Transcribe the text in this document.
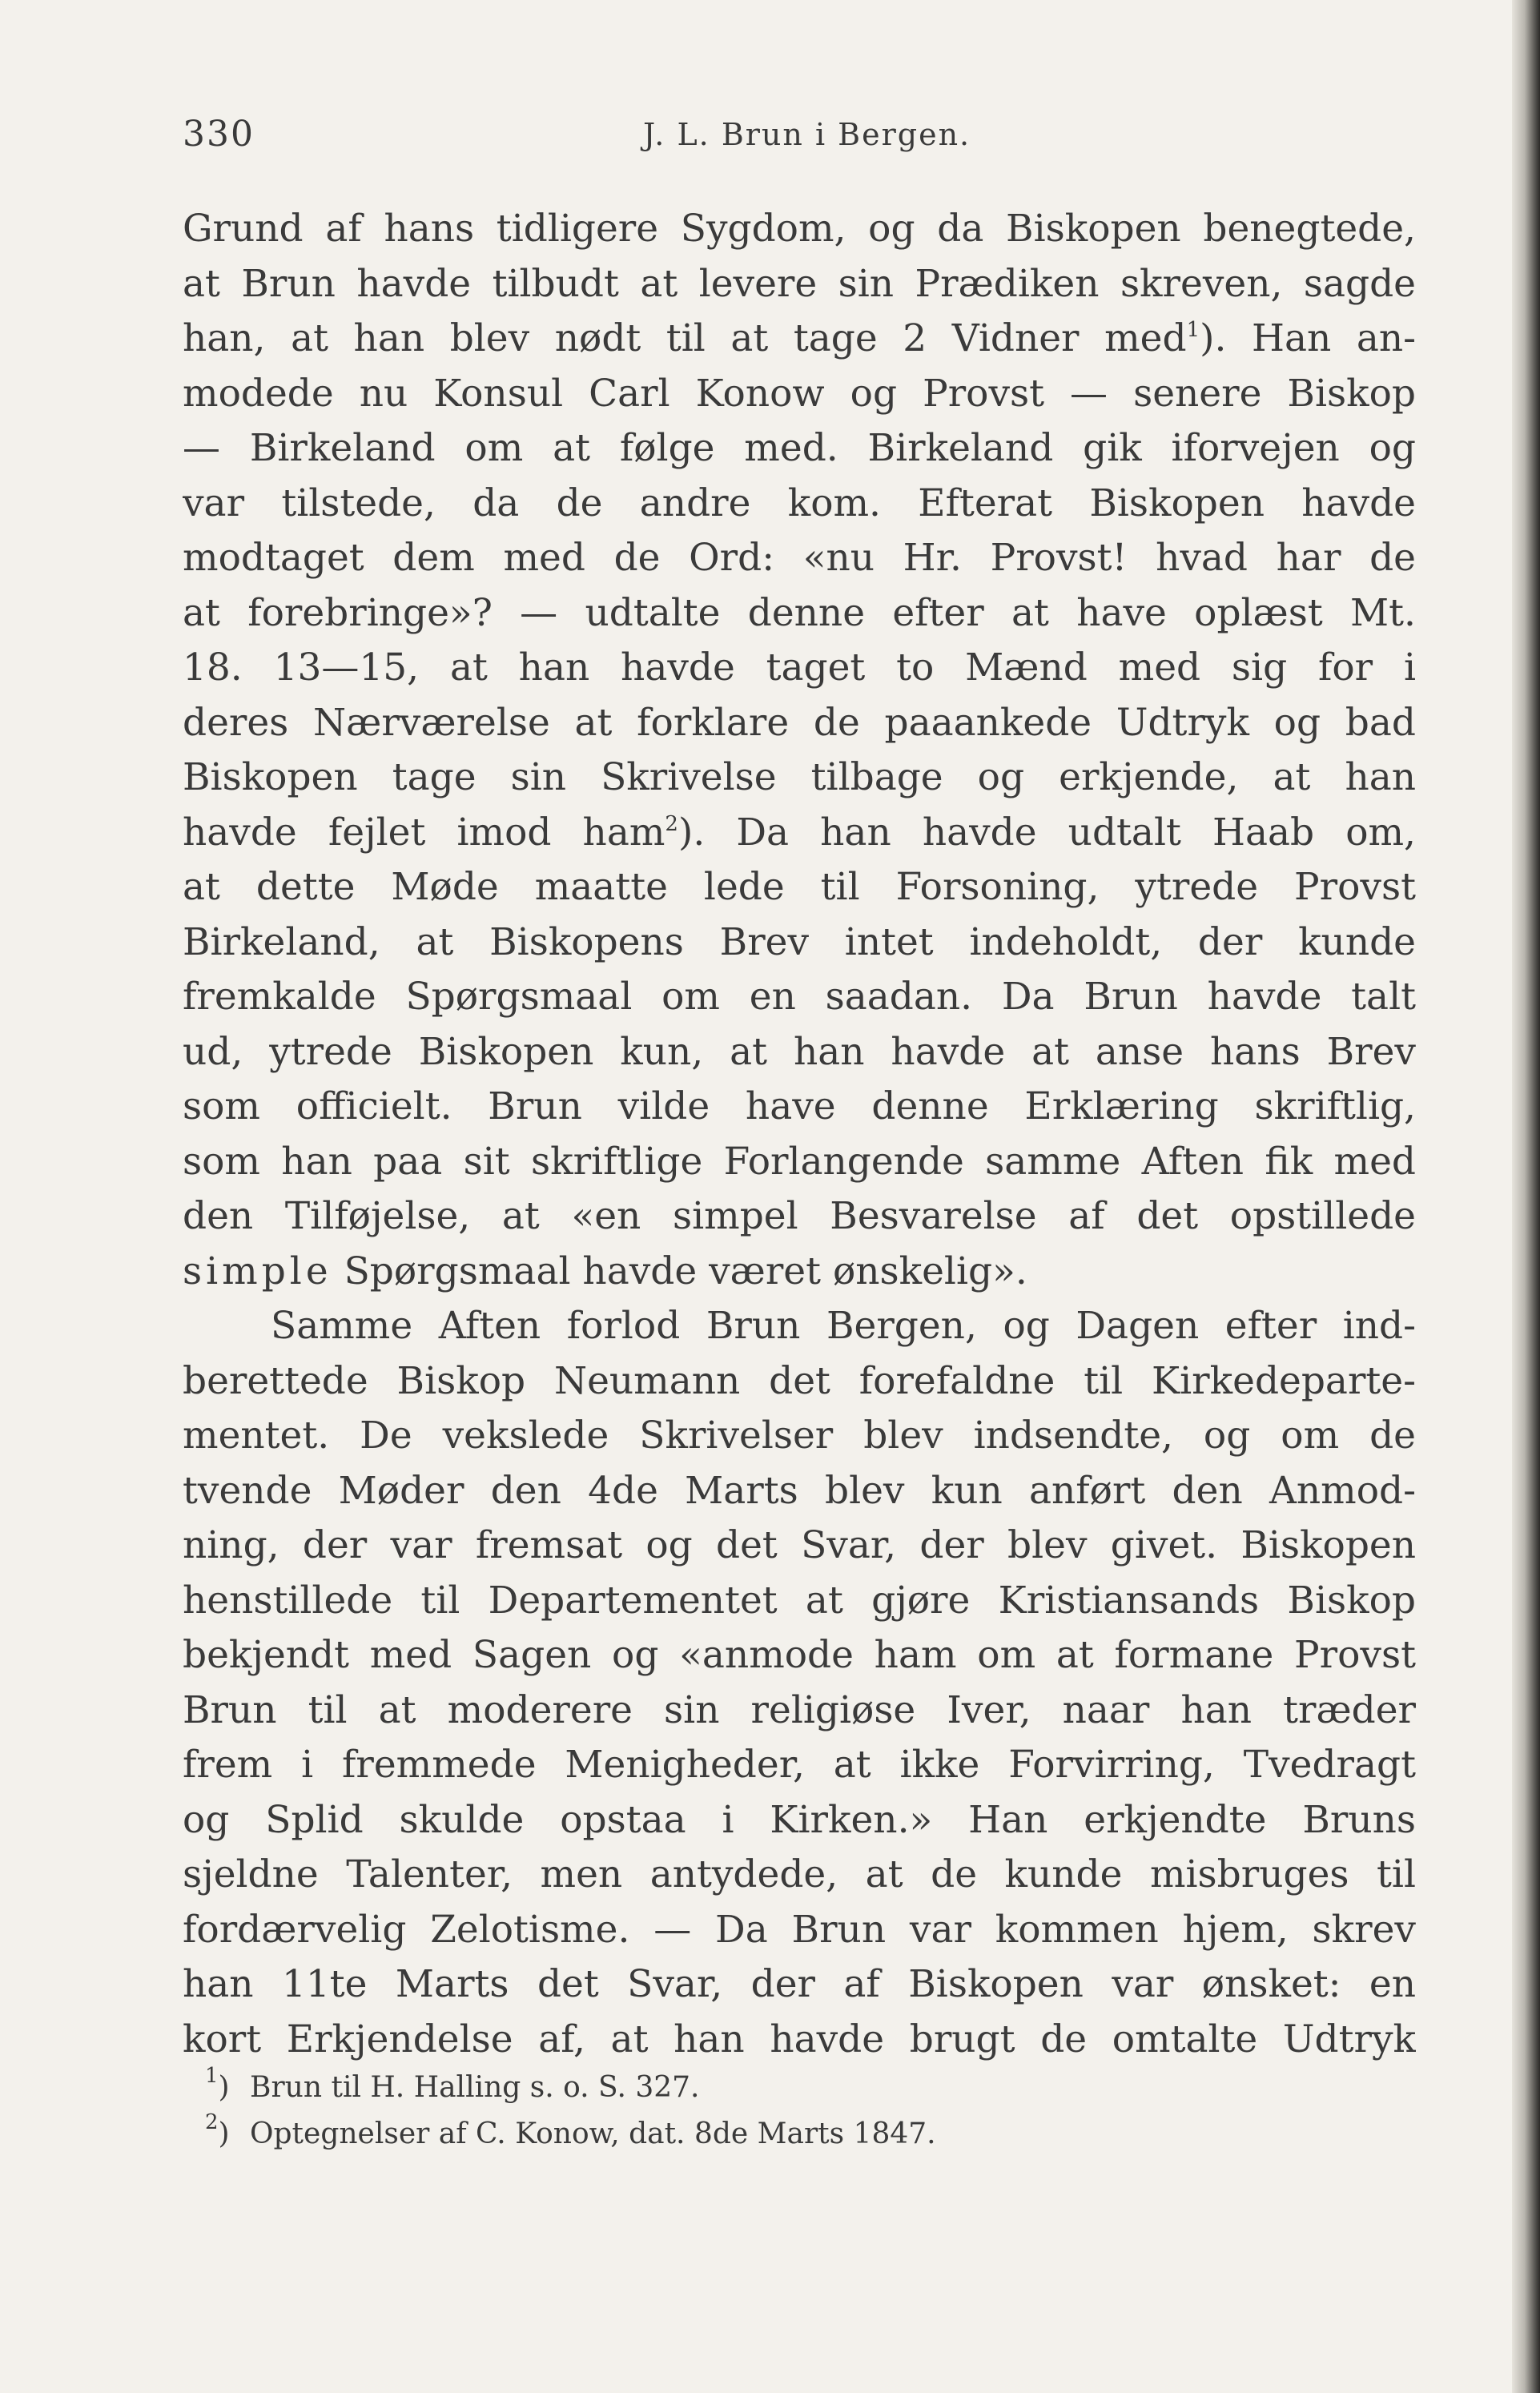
330	J. L. Brun i Bergen.
Grund af hans tidligere Sygdom, og da Biskopen benegtede,
at Brun havde tilbudt at levere sin Prædiken skreven, sagde
han, at han blev nødt til at tage 2 Vidner med$^1$). Han an-
modede nu Konsul Carl Konow og Provst — senere Biskop
— Birkeland om at følge med. Birkeland gik iforvejen og
var tilstede, da de andre kom. Efterat Biskopen havde
modtaget dem med de Ord: «nu Hr. Provst! hvad har de
at forebringe»? — udtalte denne efter at have oplæst Mt.
18. 13—15, at han havde taget to Mænd med sig for i
deres Nærværelse at forklare de paaankede Udtryk og bad
Biskopen tage sin Skrivelse tilbage og erkjende, at han
havde fejlet imod ham$^2$). Da han havde udtalt Haab om,
at dette Møde maatte lede til Forsoning, ytrede Provst
Birkeland, at Biskopens Brev intet indeholdt, der kunde
fremkalde Spørgsmaal om en saadan. Da Brun havde talt
ud, ytrede Biskopen kun, at han havde at anse hans Brev
som officielt. Brun vilde have denne Erklæring skriftlig,
som han paa sit skriftlige Forlangende samme Aften fik med
den Tilføjelse, at «en simpel Besvarelse af det opstillede
simple Spørgsmaal havde været ønskelig».
Samme Aften forlod Brun Bergen, og Dagen efter ind-
berettede Biskop Neumann det forefaldne til Kirkedeparte-
mentet. De vekslede Skrivelser blev indsendte, og om de
tvende Møder den 4de Marts blev kun anført den Anmod-
ning, der var fremsat og det Svar, der blev givet. Biskopen
henstillede til Departementet at gjøre Kristiansands Biskop
bekjendt med Sagen og «anmode ham om at formane Provst
Brun til at moderere sin religiøse Iver, naar han træder
frem i fremmede Menigheder, at ikke Forvirring, Tvedragt
og Splid skulde opstaa i Kirken.» Han erkjendte Bruns
sjeldne Talenter, men antydede, at de kunde misbruges til
fordærvelig Zelotisme. — Da Brun var kommen hjem, skrev
han 11te Marts det Svar, der af Biskopen var ønsket: en
kort Erkjendelse af, at han havde brugt de omtalte Udtryk
$^1$) Brun til H. Halling s. o. S. 327.
$^2$) Optegnelser af C. Konow, dat. 8de Marts 1847.
